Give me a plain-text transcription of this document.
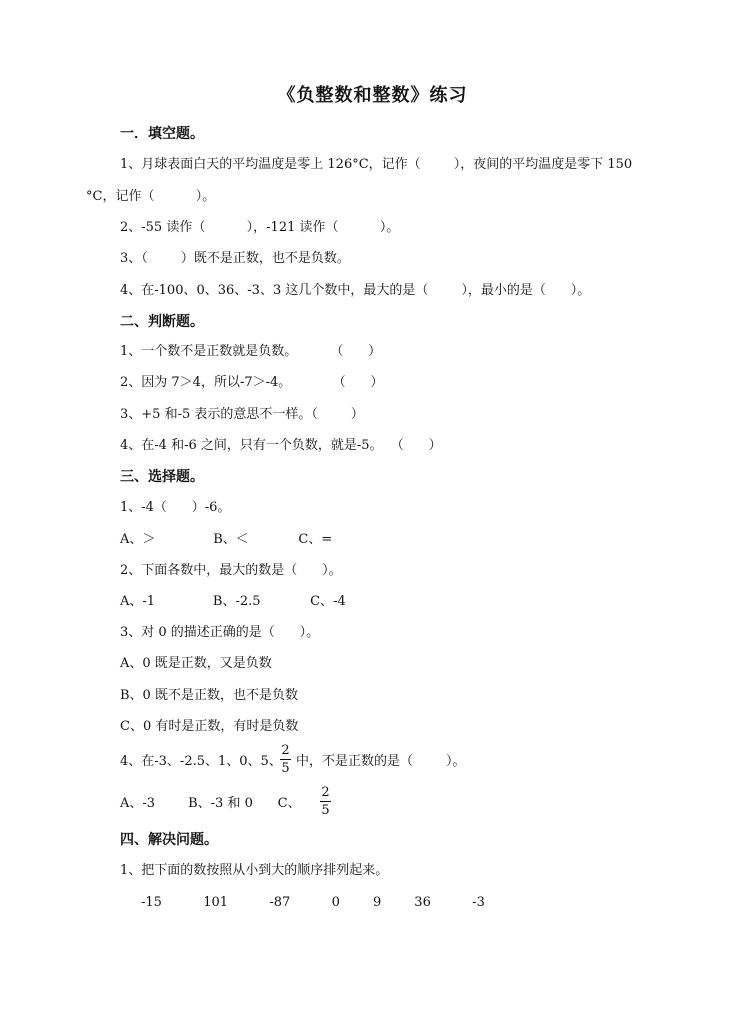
《负整数和整数》练习
一．填空题。
1、月球表面白天的平均温度是零上 126°C，记作（        ），夜间的平均温度是零下 150
°C，记作（          ）。
2、-55 读作（          ），-121 读作（          ）。
3、（        ）既不是正数，也不是负数。
4、在-100、0、36、-3、3 这几个数中，最大的是（        ），最小的是（      ）。
二、判断题。
1、一个数不是正数就是负数。        （      ）
2、因为 7＞4，所以-7＞-4。          （      ）
3、+5 和-5 表示的意思不一样。（        ）
4、在-4 和-6 之间，只有一个负数，就是-5。  （      ）
三、选择题。
1、-4（      ）-6。
A、＞              B、＜            C、=
2、下面各数中，最大的数是（      ）。
A、-1              B、-2.5            C、-4
3、对 0 的描述正确的是（      ）。
A、0 既是正数，又是负数
B、0 既不是正数，也不是负数
C、0 有时是正数，有时是负数
4、在-3、-2.5、1、0、5、
2
5 中，不是正数的是（        ）。
A、-3        B、-3 和 0      C、
2
5
四、解决问题。
1、把下面的数按照从小到大的顺序排列起来。
-15          101          -87          0        9        36          -3
